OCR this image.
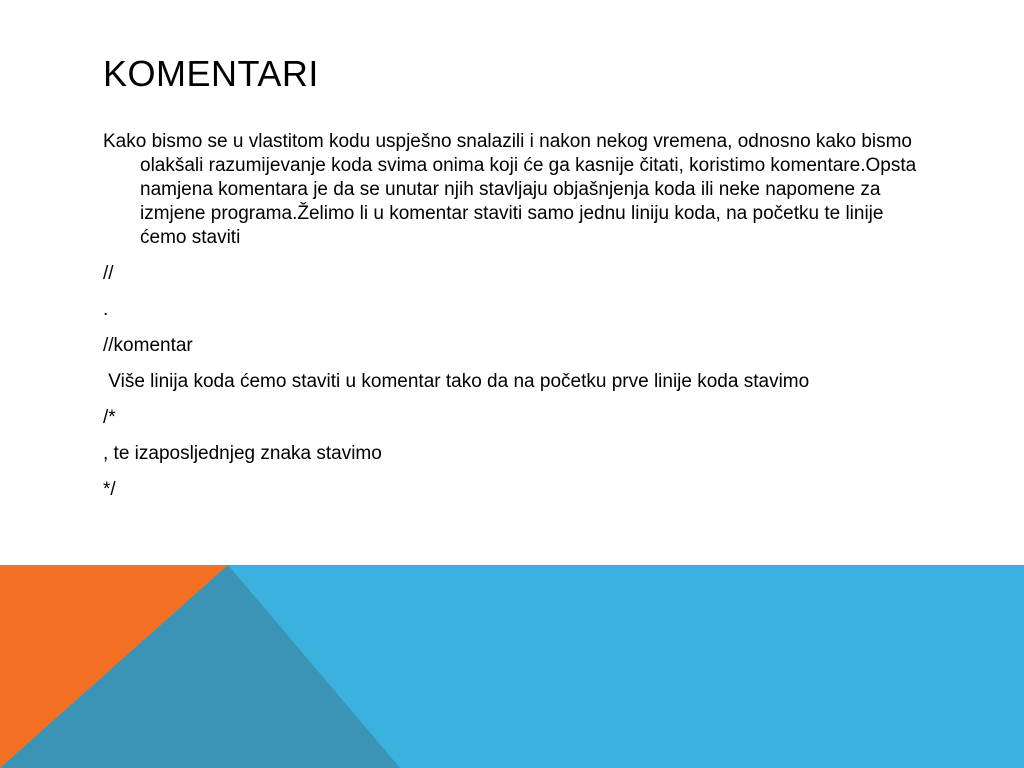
KOMENTARI

Kako bismo se u vlastitom kodu uspješno snalazili i nakon nekog vremena, odnosno kako bismo olakšali razumijevanje koda svima onima koji će ga kasnije čitati, koristimo komentare.Opsta namjena komentara je da se unutar njih stavljaju objašnjenja koda ili neke napomene za izmjene programa.Želimo li u komentar staviti samo jednu liniju koda, na početku te linije ćemo staviti

//

.

//komentar

Više linija koda ćemo staviti u komentar tako da na početku prve linije koda stavimo

/*

, te izaposljednjeg znaka stavimo

*/
